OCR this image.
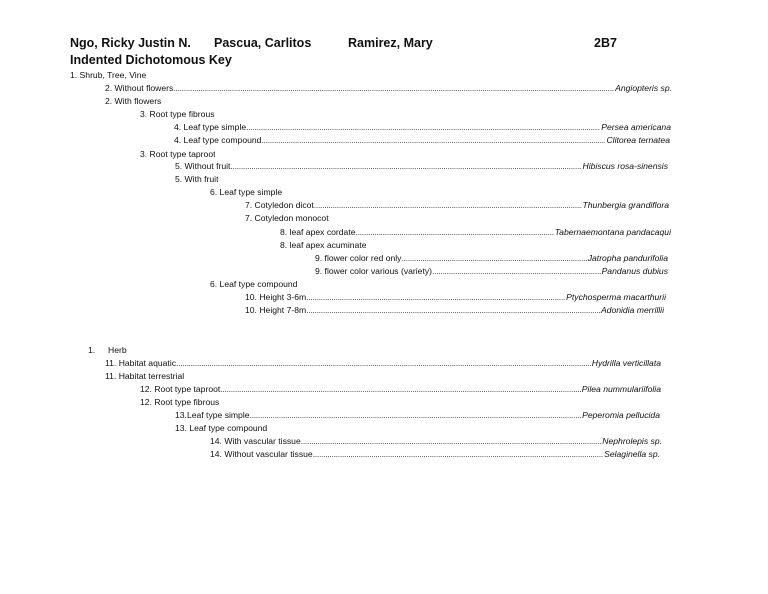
Ngo, Ricky Justin N. Pascua, Carlitos	Ramirez, Mary	2B7
Indented Dichotomous Key
1. Shrub, Tree, Vine
2. Without flowers .....	Angiopteris sp.
2. With flowers
3. Root type fibrous
4. Leaf type simple .....	Persea americana
4. Leaf type compound .....	Clitorea ternatea
3. Root type taproot
5. Without fruit .....	Hibiscus rosa-sinensis
5. With fruit
6. Leaf type simple
7. Cotyledon dicot .....	Thunbergia grandiflora
7. Cotyledon monocot
8. leaf apex cordate .....	Tabernaemontana pandacaqui
8. leaf apex acuminate
9. flower color red only .....	Jatropha pandurifolia
9. flower color various (variety) .....	Pandanus dubius
6. Leaf type compound
10. Height 3-6m .....	Ptychosperma macarthurii
10. Height 7-8m .....	Adonidia merrillii
1. Herb
11. Habitat aquatic .....	Hydrilla verticillata
11. Habitat terrestrial
12. Root type taproot .....	Pilea nummulariifolia
12. Root type fibrous
13.Leaf type simple .....	Peperomia pellucida
13. Leaf type compound
14. With vascular tissue .....	Nephrolepis sp.
14. Without vascular tissue .....	Selaginella sp.
